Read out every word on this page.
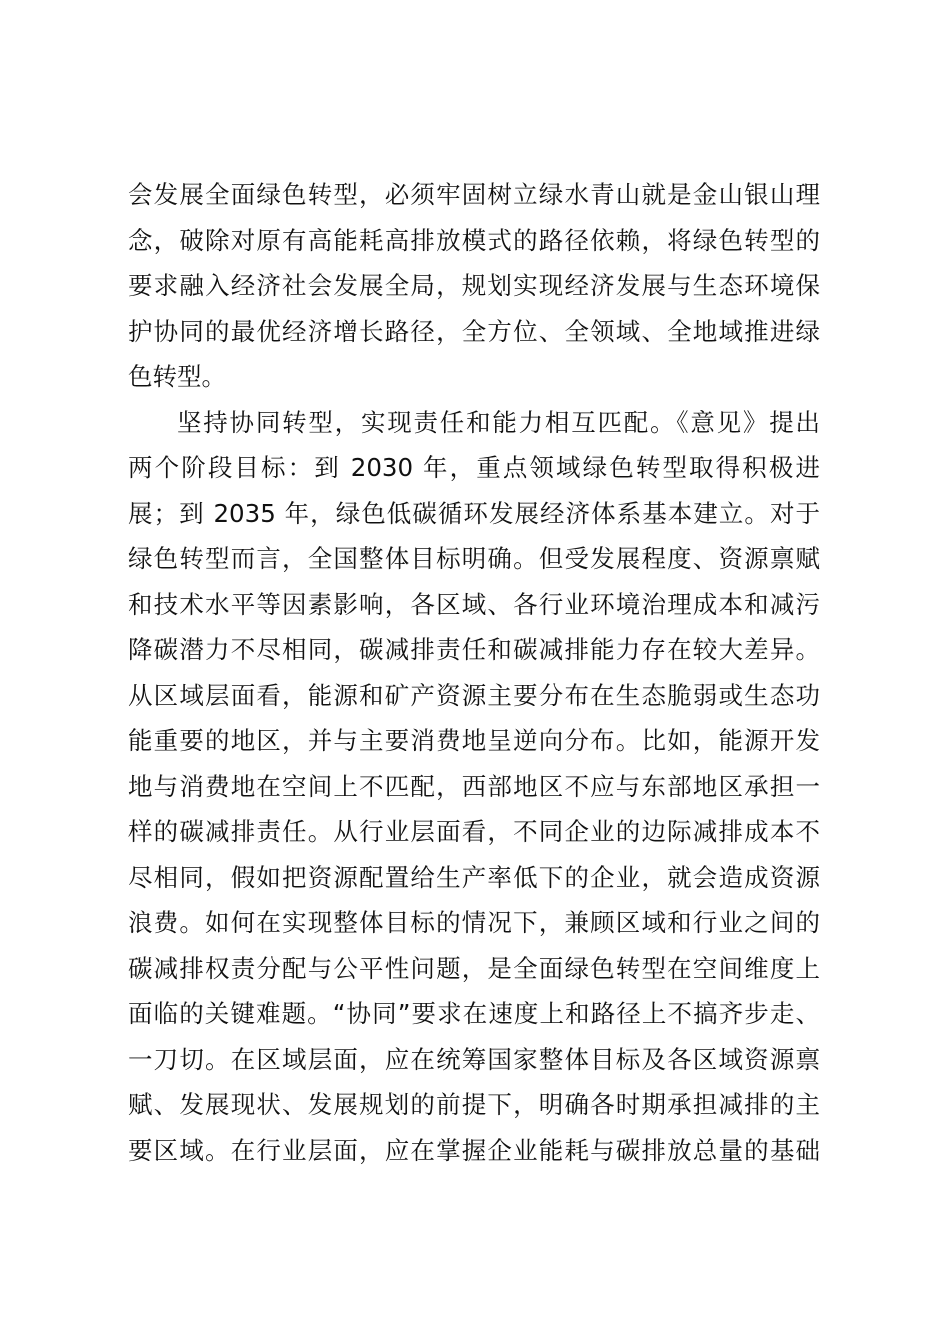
会发展全面绿色转型，必须牢固树立绿水青山就是金山银山理
念，破除对原有高能耗高排放模式的路径依赖，将绿色转型的
要求融入经济社会发展全局，规划实现经济发展与生态环境保
护协同的最优经济增长路径，全方位、全领域、全地域推进绿
色转型。
坚持协同转型，实现责任和能力相互匹配。《意见》提出
两个阶段目标：到 2030 年，重点领域绿色转型取得积极进
展；到 2035 年，绿色低碳循环发展经济体系基本建立。对于
绿色转型而言，全国整体目标明确。但受发展程度、资源禀赋
和技术水平等因素影响，各区域、各行业环境治理成本和减污
降碳潜力不尽相同，碳减排责任和碳减排能力存在较大差异。
从区域层面看，能源和矿产资源主要分布在生态脆弱或生态功
能重要的地区，并与主要消费地呈逆向分布。比如，能源开发
地与消费地在空间上不匹配，西部地区不应与东部地区承担一
样的碳减排责任。从行业层面看，不同企业的边际减排成本不
尽相同，假如把资源配置给生产率低下的企业，就会造成资源
浪费。如何在实现整体目标的情况下，兼顾区域和行业之间的
碳减排权责分配与公平性问题，是全面绿色转型在空间维度上
面临的关键难题。“协同”要求在速度上和路径上不搞齐步走、
一刀切。在区域层面，应在统筹国家整体目标及各区域资源禀
赋、发展现状、发展规划的前提下，明确各时期承担减排的主
要区域。在行业层面，应在掌握企业能耗与碳排放总量的基础
